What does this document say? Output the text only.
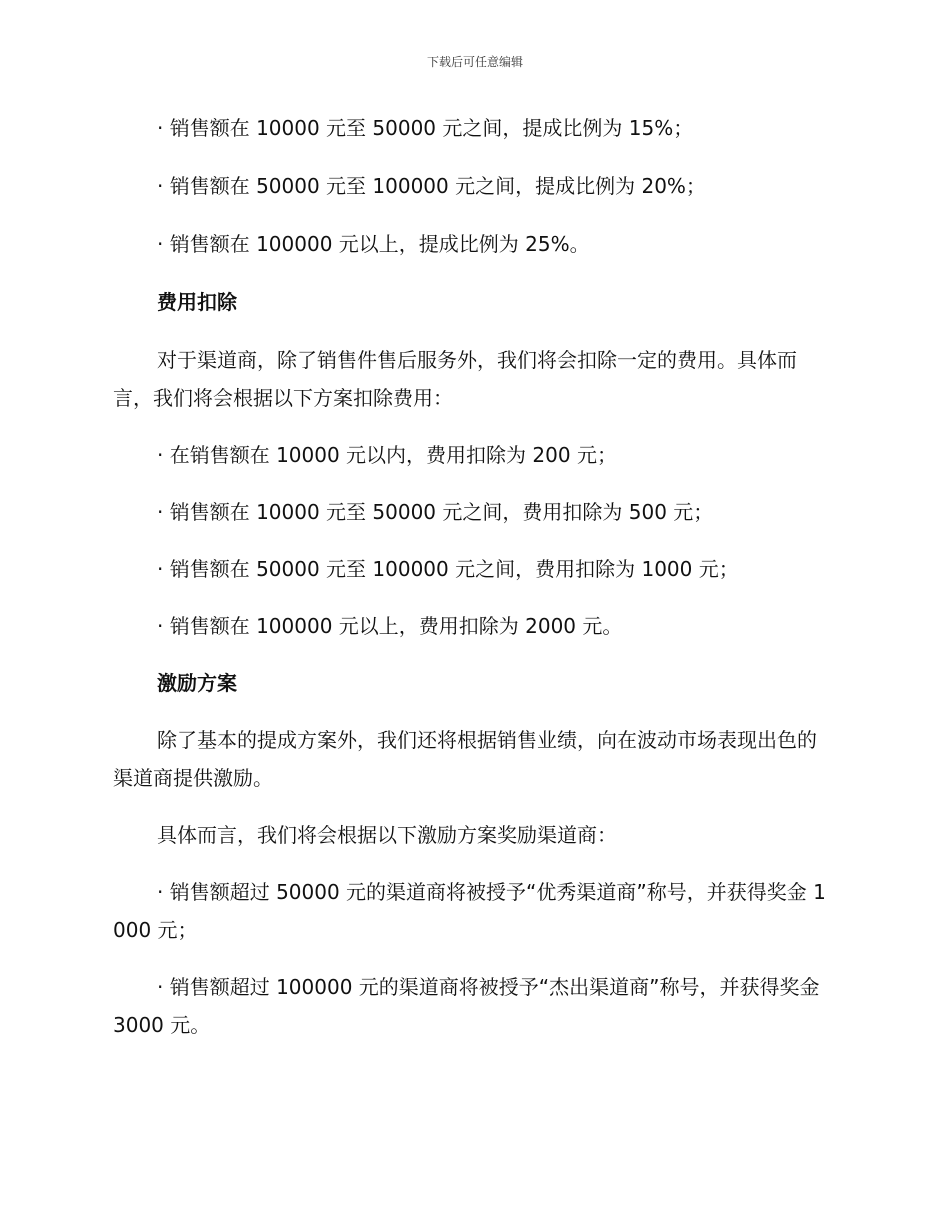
下载后可任意编辑

· 销售额在 10000 元至 50000 元之间，提成比例为 15%；

· 销售额在 50000 元至 100000 元之间，提成比例为 20%；

· 销售额在 100000 元以上，提成比例为 25%。

费用扣除

对于渠道商，除了销售件售后服务外，我们将会扣除一定的费用。具体而言，我们将会根据以下方案扣除费用：

· 在销售额在 10000 元以内，费用扣除为 200 元；

· 销售额在 10000 元至 50000 元之间，费用扣除为 500 元；

· 销售额在 50000 元至 100000 元之间，费用扣除为 1000 元；

· 销售额在 100000 元以上，费用扣除为 2000 元。

激励方案

除了基本的提成方案外，我们还将根据销售业绩，向在波动市场表现出色的渠道商提供激励。

具体而言，我们将会根据以下激励方案奖励渠道商：

· 销售额超过 50000 元的渠道商将被授予“优秀渠道商”称号，并获得奖金 1000 元；

· 销售额超过 100000 元的渠道商将被授予“杰出渠道商”称号，并获得奖金 3000 元。
